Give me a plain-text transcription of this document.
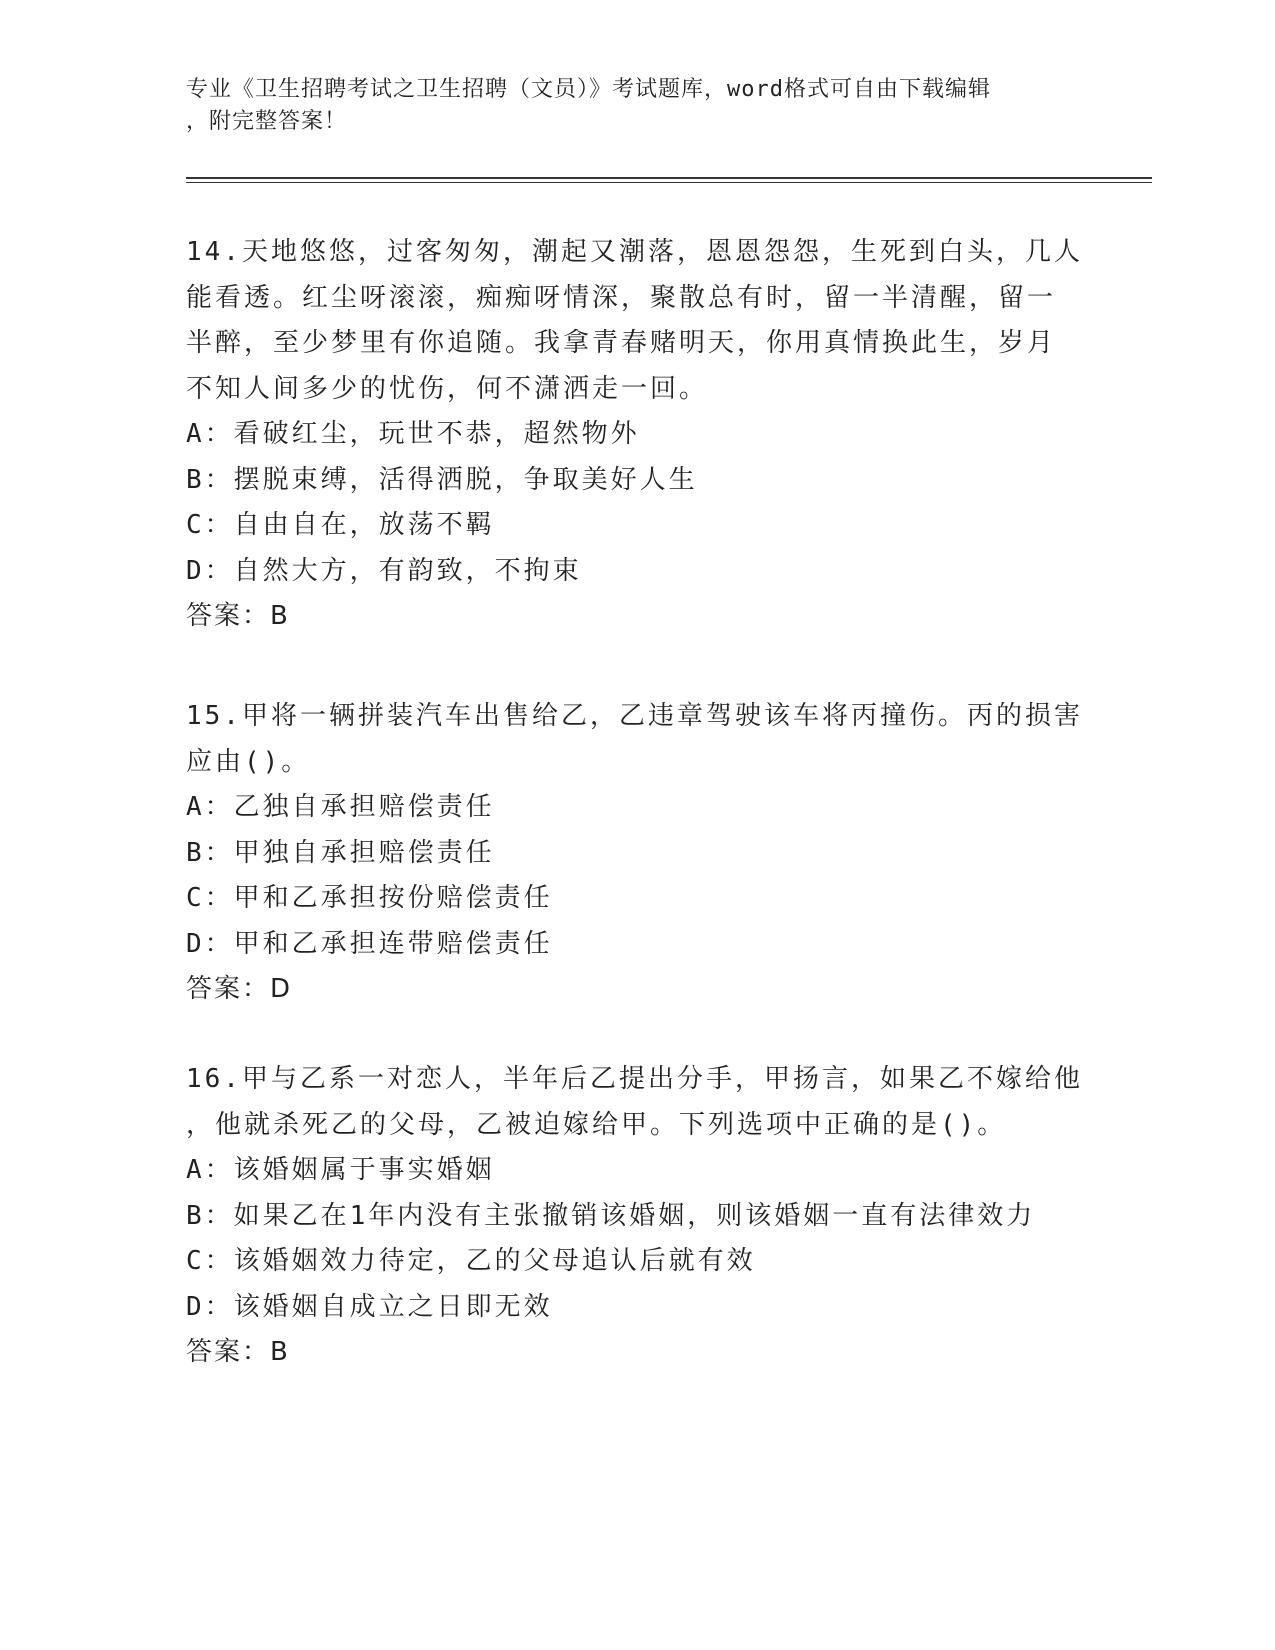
专业《卫生招聘考试之卫生招聘（文员）》考试题库，word格式可自由下载编辑
，附完整答案！
14.天地悠悠，过客匆匆，潮起又潮落，恩恩怨怨，生死到白头，几人
能看透。红尘呀滚滚，痴痴呀情深，聚散总有时，留一半清醒，留一
半醉，至少梦里有你追随。我拿青春赌明天，你用真情换此生，岁月
不知人间多少的忧伤，何不潇洒走一回。
A：看破红尘，玩世不恭，超然物外
B：摆脱束缚，活得洒脱，争取美好人生
C：自由自在，放荡不羁
D：自然大方，有韵致，不拘束
答案：B
15.甲将一辆拼装汽车出售给乙，乙违章驾驶该车将丙撞伤。丙的损害
应由()。
A：乙独自承担赔偿责任
B：甲独自承担赔偿责任
C：甲和乙承担按份赔偿责任
D：甲和乙承担连带赔偿责任
答案：D
16.甲与乙系一对恋人，半年后乙提出分手，甲扬言，如果乙不嫁给他
，他就杀死乙的父母，乙被迫嫁给甲。下列选项中正确的是()。
A：该婚姻属于事实婚姻
B：如果乙在1年内没有主张撤销该婚姻，则该婚姻一直有法律效力
C：该婚姻效力待定，乙的父母追认后就有效
D：该婚姻自成立之日即无效
答案：B
